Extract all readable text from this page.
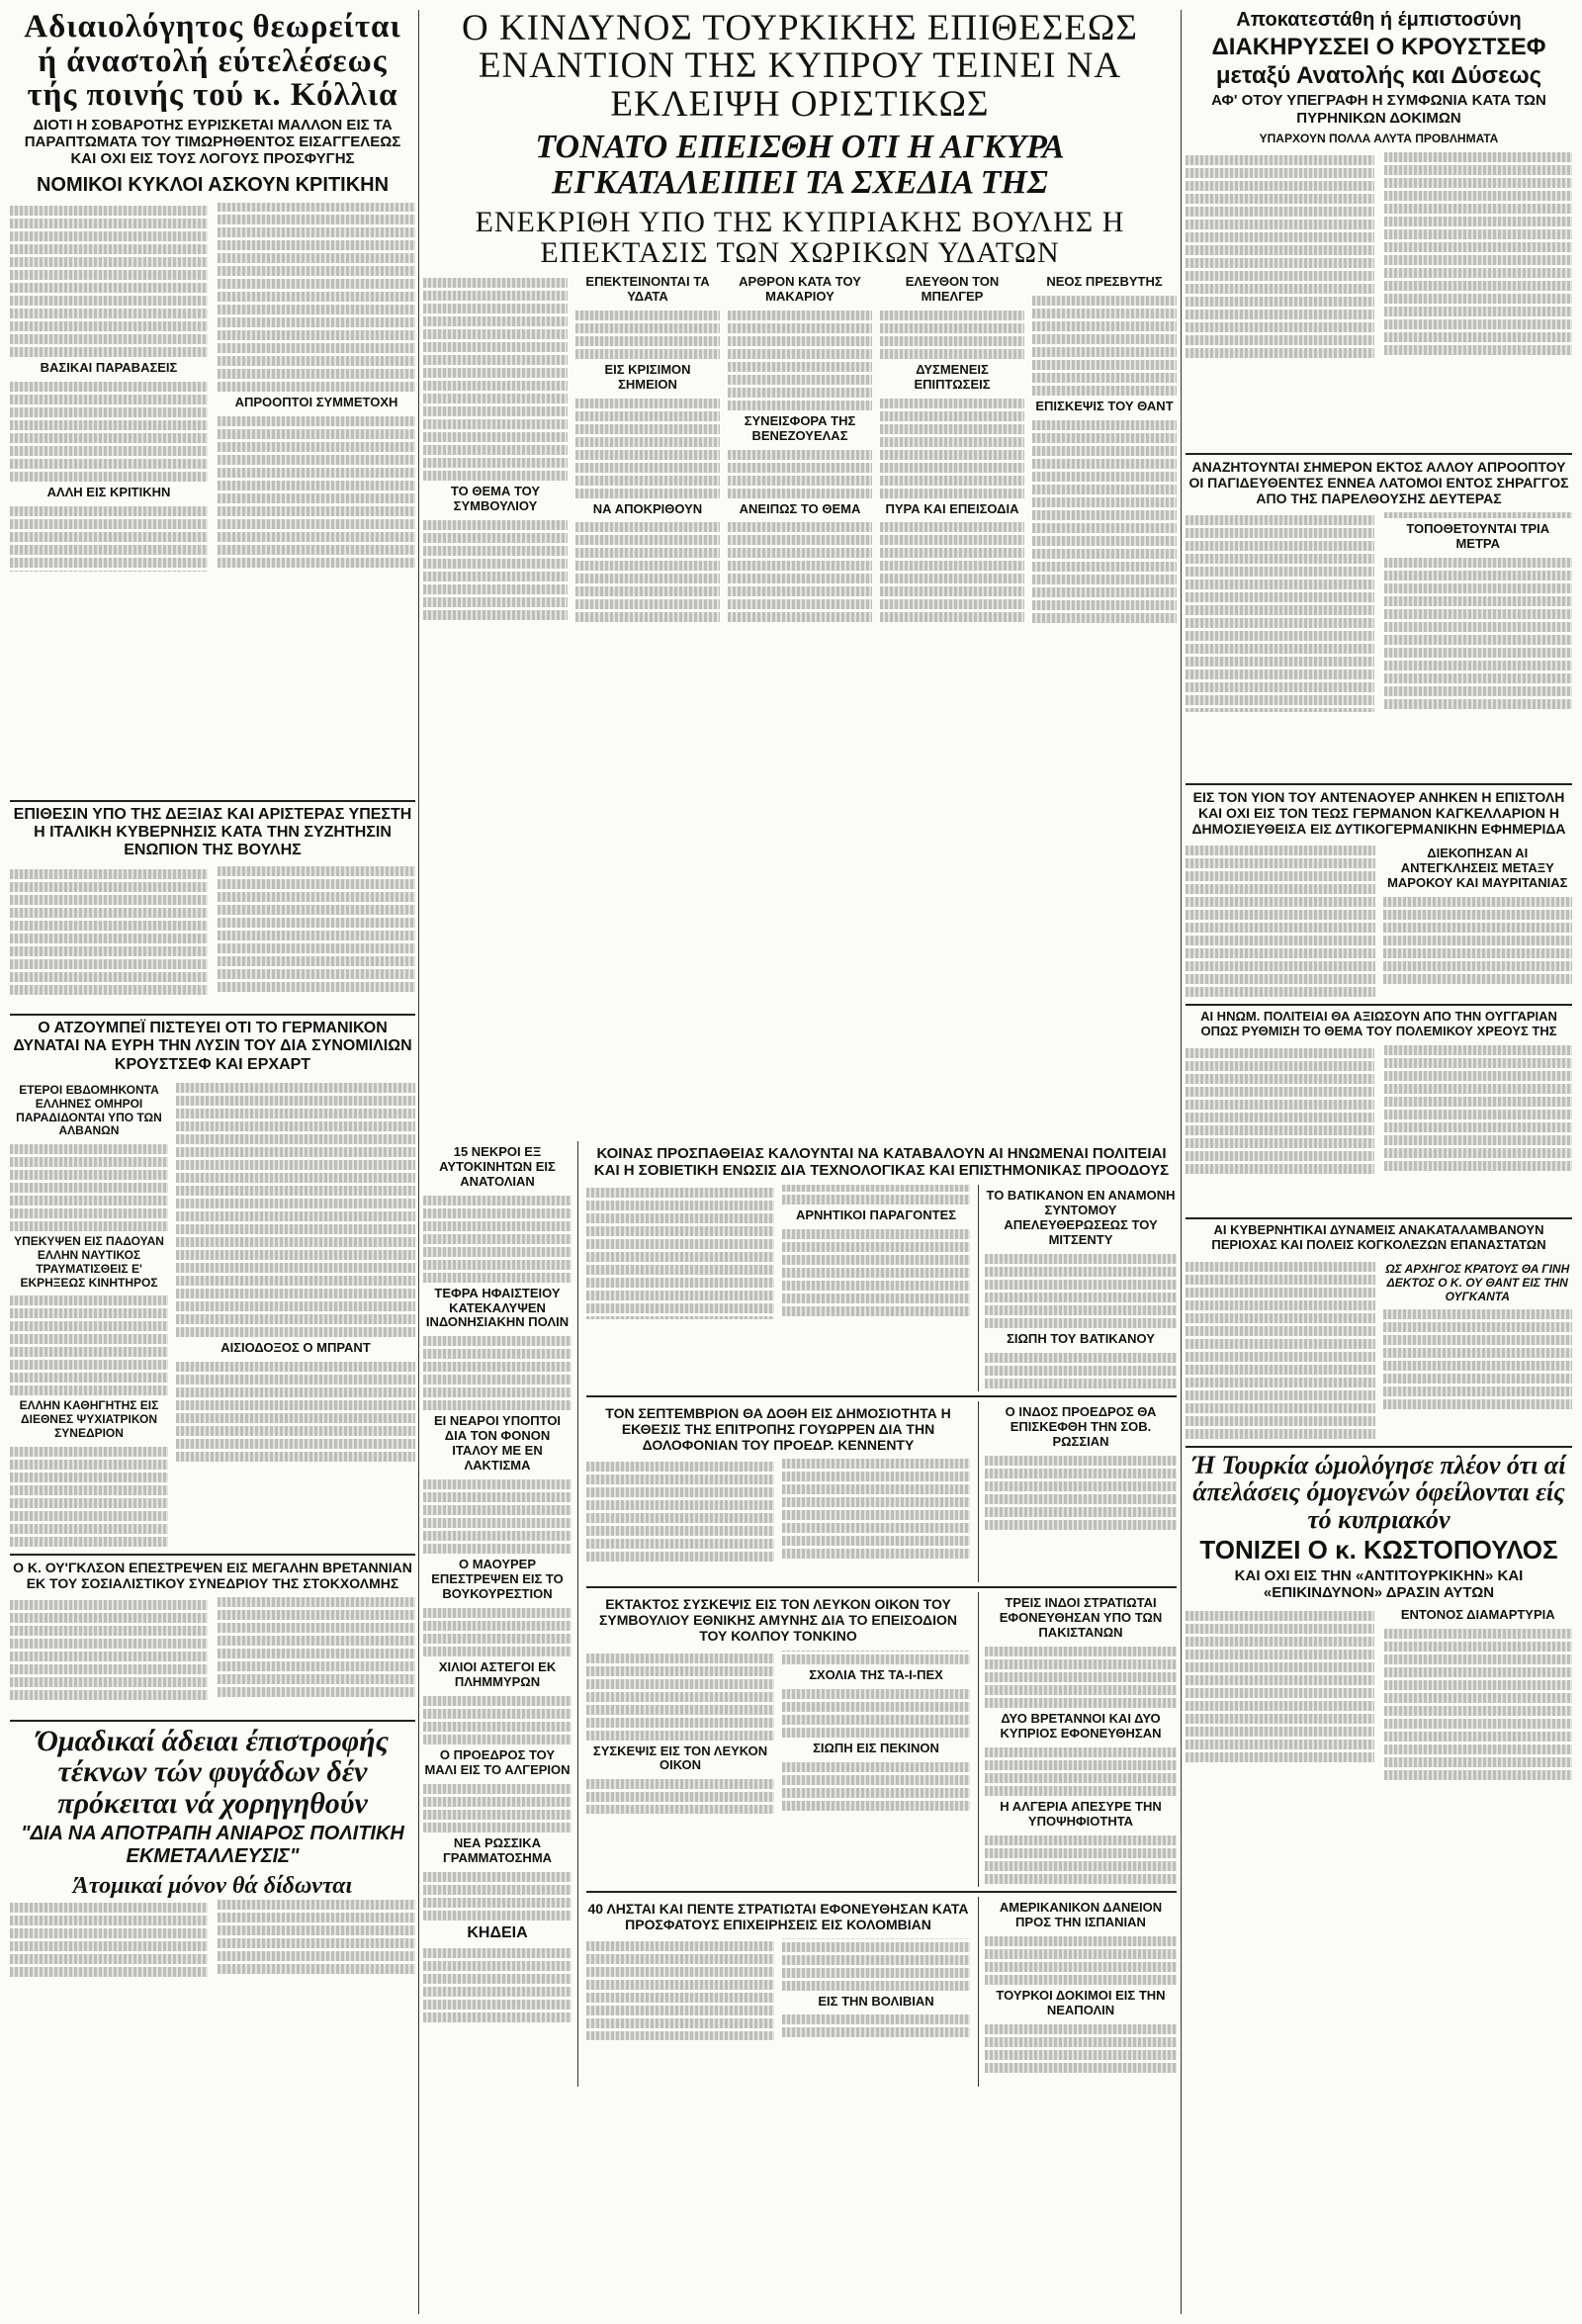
Αδιαιολόγητος θεωρείται ή άναστολή εύτελέσεως τής ποινής τού κ. Κόλλια

ΔΙΟΤΙ Η ΣΟΒΑΡΟΤΗΣ ΕΥΡΙΣΚΕΤΑΙ ΜΑΛΛΟΝ ΕΙΣ ΤΑ ΠΑΡΑΠΤΩΜΑΤΑ ΤΟΥ ΤΙΜΩΡΗΘΕΝΤΟΣ ΕΙΣΑΓΓΕΛΕΩΣ ΚΑΙ ΟΧΙ ΕΙΣ ΤΟΥΣ ΛΟΓΟΥΣ ΠΡΟΣΦΥΓΗΣ

ΝΟΜΙΚΟΙ ΚΥΚΛΟΙ ΑΣΚΟΥΝ ΚΡΙΤΙΚΗΝ

ΒΑΣΙΚΑΙ ΠΑΡΑΒΑΣΕΙΣ

ΑΛΛΗ ΕΙΣ ΚΡΙΤΙΚΗΝ

ΑΠΡΟΟΠΤΟΙ ΣΥΜΜΕΤΟΧΗ

ΕΠΙΘΕΣΙΝ ΥΠΟ ΤΗΣ ΔΕΞΙΑΣ ΚΑΙ ΑΡΙΣΤΕΡΑΣ ΥΠΕΣΤΗ Η ΙΤΑΛΙΚΗ ΚΥΒΕΡΝΗΣΙΣ ΚΑΤΑ ΤΗΝ ΣΥΖΗΤΗΣΙΝ ΕΝΩΠΙΟΝ ΤΗΣ ΒΟΥΛΗΣ

Ο ΑΤΖΟΥΜΠΕΪ ΠΙΣΤΕΥΕΙ ΟΤΙ ΤΟ ΓΕΡΜΑΝΙΚΟΝ ΔΥΝΑΤΑΙ ΝΑ ΕΥΡΗ ΤΗΝ ΛΥΣΙΝ ΤΟΥ ΔΙΑ ΣΥΝΟΜΙΛΙΩΝ ΚΡΟΥΣΤΣΕΦ ΚΑΙ ΕΡΧΑΡΤ

ΕΤΕΡΟΙ ΕΒΔΟΜΗΚΟΝΤΑ ΕΛΛΗΝΕΣ ΟΜΗΡΟΙ ΠΑΡΑΔΙΔΟΝΤΑΙ ΥΠΟ ΤΩΝ ΑΛΒΑΝΩΝ

ΥΠΕΚΥΨΕΝ ΕΙΣ ΠΑΔΟΥΑΝ ΕΛΛΗΝ ΝΑΥΤΙΚΟΣ ΤΡΑΥΜΑΤΙΣΘΕΙΣ Ε' ΕΚΡΗΞΕΩΣ ΚΙΝΗΤΗΡΟΣ

ΕΛΛΗΝ ΚΑΘΗΓΗΤΗΣ ΕΙΣ ΔΙΕΘΝΕΣ ΨΥΧΙΑΤΡΙΚΟΝ ΣΥΝΕΔΡΙΟΝ

ΑΙΣΙΟΔΟΞΟΣ Ο ΜΠΡΑΝΤ

Ο Κ. ΟΥ'ΓΚΛΣΟΝ ΕΠΕΣΤΡΕΨΕΝ ΕΙΣ ΜΕΓΑΛΗΝ ΒΡΕΤΑΝΝΙΑΝ ΕΚ ΤΟΥ ΣΟΣΙΑΛΙΣΤΙΚΟΥ ΣΥΝΕΔΡΙΟΥ ΤΗΣ ΣΤΟΚΧΟΛΜΗΣ

Όμαδικαί άδειαι έπιστροφής τέκνων τών φυγάδων δέν πρόκειται νά χορηγηθούν

"ΔΙΑ ΝΑ ΑΠΟΤΡΑΠΗ ΑΝΙΑΡΟΣ ΠΟΛΙΤΙΚΗ ΕΚΜΕΤΑΛΛΕΥΣΙΣ"

Άτομικαί μόνον θά δίδωνται

Ο ΚΙΝΔΥΝΟΣ ΤΟΥΡΚΙΚΗΣ ΕΠΙΘΕΣΕΩΣ ΕΝΑΝΤΙΟΝ ΤΗΣ ΚΥΠΡΟΥ ΤΕΙΝΕΙ ΝΑ ΕΚΛΕΙΨΗ ΟΡΙΣΤΙΚΩΣ
ΤΟΝΑΤΟ ΕΠΕΙΣΘΗ ΟΤΙ Η ΑΓΚΥΡΑ ΕΓΚΑΤΑΛΕΙΠΕΙ ΤΑ ΣΧΕΔΙΑ ΤΗΣ
ΕΝΕΚΡΙΘΗ ΥΠΟ ΤΗΣ ΚΥΠΡΙΑΚΗΣ ΒΟΥΛΗΣ Η ΕΠΕΚΤΑΣΙΣ ΤΩΝ ΧΩΡΙΚΩΝ ΥΔΑΤΩΝ

ΤΟ ΘΕΜΑ ΤΟΥ ΣΥΜΒΟΥΛΙΟΥ

ΕΠΕΚΤΕΙΝΟΝΤΑΙ ΤΑ ΥΔΑΤΑ

ΕΙΣ ΚΡΙΣΙΜΟΝ ΣΗΜΕΙΟΝ

ΝΑ ΑΠΟΚΡΙΘΟΥΝ

ΑΡΘΡΟΝ ΚΑΤΑ ΤΟΥ ΜΑΚΑΡΙΟΥ

ΣΥΝΕΙΣΦΟΡΑ ΤΗΣ ΒΕΝΕΖΟΥΕΛΑΣ

ΑΝΕΙΠΩΣ ΤΟ ΘΕΜΑ

ΕΛΕΥΘΟΝ ΤΟΝ ΜΠΕΛΓΕΡ

ΔΥΣΜΕΝΕΙΣ ΕΠΙΠΤΩΣΕΙΣ

ΠΥΡΑ ΚΑΙ ΕΠΕΙΣΟΔΙΑ

ΝΕΟΣ ΠΡΕΣΒΥΤΗΣ

ΕΠΙΣΚΕΨΙΣ ΤΟΥ ΘΑΝΤ

15 ΝΕΚΡΟΙ ΕΞ ΑΥΤΟΚΙΝΗΤΩΝ ΕΙΣ ΑΝΑΤΟΛΙΑΝ

ΤΕΦΡΑ ΗΦΑΙΣΤΕΙΟΥ ΚΑΤΕΚΑΛΥΨΕΝ ΙΝΔΟΝΗΣΙΑΚΗΝ ΠΟΛΙΝ

ΕΙ ΝΕΑΡΟΙ ΥΠΟΠΤΟΙ ΔΙΑ ΤΟΝ ΦΟΝΟΝ ΙΤΑΛΟΥ ΜΕ ΕΝ ΛΑΚΤΙΣΜΑ

Ο ΜΑΟΥΡΕΡ ΕΠΕΣΤΡΕΨΕΝ ΕΙΣ ΤΟ ΒΟΥΚΟΥΡΕΣΤΙΟΝ

ΧΙΛΙΟΙ ΑΣΤΕΓΟΙ ΕΚ ΠΛΗΜΜΥΡΩΝ

Ο ΠΡΟΕΔΡΟΣ ΤΟΥ ΜΑΛΙ ΕΙΣ ΤΟ ΑΛΓΕΡΙΟΝ

ΝΕΑ ΡΩΣΣΙΚΑ ΓΡΑΜΜΑΤΟΣΗΜΑ

ΚΗΔΕΙΑ

ΚΟΙΝΑΣ ΠΡΟΣΠΑΘΕΙΑΣ ΚΑΛΟΥΝΤΑΙ ΝΑ ΚΑΤΑΒΑΛΟΥΝ ΑΙ ΗΝΩΜΕΝΑΙ ΠΟΛΙΤΕΙΑΙ ΚΑΙ Η ΣΟΒΙΕΤΙΚΗ ΕΝΩΣΙΣ ΔΙΑ ΤΕΧΝΟΛΟΓΙΚΑΣ ΚΑΙ ΕΠΙΣΤΗΜΟΝΙΚΑΣ ΠΡΟΟΔΟΥΣ

ΑΡΝΗΤΙΚΟΙ ΠΑΡΑΓΟΝΤΕΣ

ΤΟ ΒΑΤΙΚΑΝΟΝ ΕΝ ΑΝΑΜΟΝΗ ΣΥΝΤΟΜΟΥ ΑΠΕΛΕΥΘΕΡΩΣΕΩΣ ΤΟΥ ΜΙΤΣΕΝΤΥ

ΣΙΩΠΗ ΤΟΥ ΒΑΤΙΚΑΝΟΥ

ΤΟΝ ΣΕΠΤΕΜΒΡΙΟΝ ΘΑ ΔΟΘΗ ΕΙΣ ΔΗΜΟΣΙΟΤΗΤΑ Η ΕΚΘΕΣΙΣ ΤΗΣ ΕΠΙΤΡΟΠΗΣ ΓΟΥΩΡΡΕΝ ΔΙΑ ΤΗΝ ΔΟΛΟΦΟΝΙΑΝ ΤΟΥ ΠΡΟΕΔΡ. ΚΕΝΝΕΝΤΥ

Ο ΙΝΔΟΣ ΠΡΟΕΔΡΟΣ ΘΑ ΕΠΙΣΚΕΦΘΗ ΤΗΝ ΣΟΒ. ΡΩΣΣΙΑΝ

ΕΚΤΑΚΤΟΣ ΣΥΣΚΕΨΙΣ ΕΙΣ ΤΟΝ ΛΕΥΚΟΝ ΟΙΚΟΝ ΤΟΥ ΣΥΜΒΟΥΛΙΟΥ ΕΘΝΙΚΗΣ ΑΜΥΝΗΣ ΔΙΑ ΤΟ ΕΠΕΙΣΟΔΙΟΝ ΤΟΥ ΚΟΛΠΟΥ ΤΟΝΚΙΝΟ

ΣΥΣΚΕΨΙΣ ΕΙΣ ΤΟΝ ΛΕΥΚΟΝ ΟΙΚΟΝ

ΣΧΟΛΙΑ ΤΗΣ ΤΑ-Ι-ΠΕΧ

ΣΙΩΠΗ ΕΙΣ ΠΕΚΙΝΟΝ

ΤΡΕΙΣ ΙΝΔΟΙ ΣΤΡΑΤΙΩΤΑΙ ΕΦΟΝΕΥΘΗΣΑΝ ΥΠΟ ΤΩΝ ΠΑΚΙΣΤΑΝΩΝ

ΔΥΟ ΒΡΕΤΑΝΝΟΙ ΚΑΙ ΔΥΟ ΚΥΠΡΙΟΣ ΕΦΟΝΕΥΘΗΣΑΝ

Η ΑΛΓΕΡΙΑ ΑΠΕΣΥΡΕ ΤΗΝ ΥΠΟΨΗΦΙΟΤΗΤΑ

40 ΛΗΣΤΑΙ ΚΑΙ ΠΕΝΤΕ ΣΤΡΑΤΙΩΤΑΙ ΕΦΟΝΕΥΘΗΣΑΝ ΚΑΤΑ ΠΡΟΣΦΑΤΟΥΣ ΕΠΙΧΕΙΡΗΣΕΙΣ ΕΙΣ ΚΟΛΟΜΒΙΑΝ

ΕΙΣ ΤΗΝ ΒΟΛΙΒΙΑΝ

ΑΜΕΡΙΚΑΝΙΚΟΝ ΔΑΝΕΙΟΝ ΠΡΟΣ ΤΗΝ ΙΣΠΑΝΙΑΝ

ΤΟΥΡΚΟΙ ΔΟΚΙΜΟΙ ΕΙΣ ΤΗΝ ΝΕΑΠΟΛΙΝ

Αποκατεστάθη ή έμπιστοσύνη

ΔΙΑΚΗΡΥΣΣΕΙ Ο ΚΡΟΥΣΤΣΕΦ

μεταξύ Ανατολής και Δύσεως

ΑΦ' ΟΤΟΥ ΥΠΕΓΡΑΦΗ Η ΣΥΜΦΩΝΙΑ ΚΑΤΑ ΤΩΝ ΠΥΡΗΝΙΚΩΝ ΔΟΚΙΜΩΝ

ΥΠΑΡΧΟΥΝ ΠΟΛΛΑ ΑΛΥΤΑ ΠΡΟΒΛΗΜΑΤΑ

ΑΝΑΖΗΤΟΥΝΤΑΙ ΣΗΜΕΡΟΝ ΕΚΤΟΣ ΑΛΛΟΥ ΑΠΡΟΟΠΤΟΥ ΟΙ ΠΑΓΙΔΕΥΘΕΝΤΕΣ ΕΝΝΕΑ ΛΑΤΟΜΟΙ ΕΝΤΟΣ ΣΗΡΑΓΓΟΣ ΑΠΟ ΤΗΣ ΠΑΡΕΛΘΟΥΣΗΣ ΔΕΥΤΕΡΑΣ

ΤΟΠΟΘΕΤΟΥΝΤΑΙ ΤΡΙΑ ΜΕΤΡΑ

ΕΙΣ ΤΟΝ ΥΙΟΝ ΤΟΥ ΑΝΤΕΝΑΟΥΕΡ ΑΝΗΚΕΝ Η ΕΠΙΣΤΟΛΗ ΚΑΙ ΟΧΙ ΕΙΣ ΤΟΝ ΤΕΩΣ ΓΕΡΜΑΝΟΝ ΚΑΓΚΕΛΛΑΡΙΟΝ Η ΔΗΜΟΣΙΕΥΘΕΙΣΑ ΕΙΣ ΔΥΤΙΚΟΓΕΡΜΑΝΙΚΗΝ ΕΦΗΜΕΡΙΔΑ

ΔΙΕΚΟΠΗΣΑΝ ΑΙ ΑΝΤΕΓΚΛΗΣΕΙΣ ΜΕΤΑΞΥ ΜΑΡΟΚΟΥ ΚΑΙ ΜΑΥΡΙΤΑΝΙΑΣ

ΑΙ ΗΝΩΜ. ΠΟΛΙΤΕΙΑΙ ΘΑ ΑΞΙΩΣΟΥΝ ΑΠΟ ΤΗΝ ΟΥΓΓΑΡΙΑΝ ΟΠΩΣ ΡΥΘΜΙΣΗ ΤΟ ΘΕΜΑ ΤΟΥ ΠΟΛΕΜΙΚΟΥ ΧΡΕΟΥΣ ΤΗΣ

ΑΙ ΚΥΒΕΡΝΗΤΙΚΑΙ ΔΥΝΑΜΕΙΣ ΑΝΑΚΑΤΑΛΑΜΒΑΝΟΥΝ ΠΕΡΙΟΧΑΣ ΚΑΙ ΠΟΛΕΙΣ ΚΟΓΚΟΛΕΖΩΝ ΕΠΑΝΑΣΤΑΤΩΝ

ΩΣ ΑΡΧΗΓΟΣ ΚΡΑΤΟΥΣ ΘΑ ΓΙΝΗ ΔΕΚΤΟΣ Ο Κ. ΟΥ ΘΑΝΤ ΕΙΣ ΤΗΝ ΟΥΓΚΑΝΤΑ

Ή Τουρκία ώμολόγησε πλέον ότι αί άπελάσεις όμογενών όφείλονται είς τό κυπριακόν

ΤΟΝΙΖΕΙ Ο κ. ΚΩΣΤΟΠΟΥΛΟΣ

ΚΑΙ ΟΧΙ ΕΙΣ ΤΗΝ «ΑΝΤΙΤΟΥΡΚΙΚΗΝ» ΚΑΙ «ΕΠΙΚΙΝΔΥΝΟΝ» ΔΡΑΣΙΝ ΑΥΤΩΝ

ΕΝΤΟΝΟΣ ΔΙΑΜΑΡΤΥΡΙΑ
